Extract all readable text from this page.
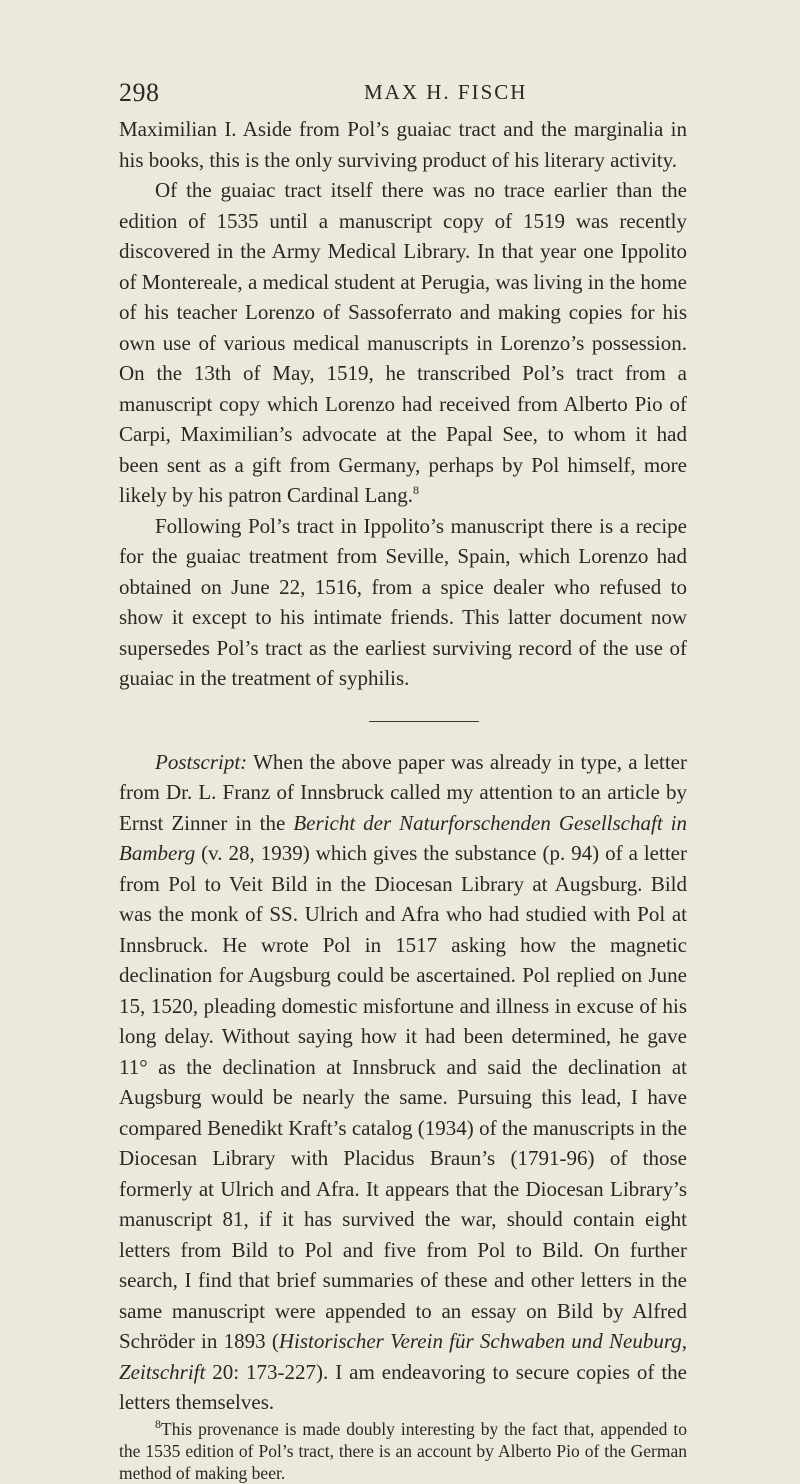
298	MAX H. FISCH

Maximilian I. Aside from Pol’s guaiac tract and the marginalia in his books, this is the only surviving product of his literary activity.

Of the guaiac tract itself there was no trace earlier than the edition of 1535 until a manuscript copy of 1519 was recently discovered in the Army Medical Library. In that year one Ippolito of Montereale, a medical student at Perugia, was living in the home of his teacher Lorenzo of Sassoferrato and making copies for his own use of various medical manuscripts in Lorenzo’s possession. On the 13th of May, 1519, he transcribed Pol’s tract from a manuscript copy which Lorenzo had received from Alberto Pio of Carpi, Maximilian’s advocate at the Papal See, to whom it had been sent as a gift from Germany, perhaps by Pol himself, more likely by his patron Cardinal Lang.$^8$

Following Pol’s tract in Ippolito’s manuscript there is a recipe for the guaiac treatment from Seville, Spain, which Lorenzo had obtained on June 22, 1516, from a spice dealer who refused to show it except to his intimate friends. This latter document now supersedes Pol’s tract as the earliest surviving record of the use of guaiac in the treatment of syphilis.

Postscript: When the above paper was already in type, a letter from Dr. L. Franz of Innsbruck called my attention to an article by Ernst Zinner in the Bericht der Naturforschenden Gesellschaft in Bamberg (v. 28, 1939) which gives the substance (p. 94) of a letter from Pol to Veit Bild in the Diocesan Library at Augsburg. Bild was the monk of SS. Ulrich and Afra who had studied with Pol at Innsbruck. He wrote Pol in 1517 asking how the magnetic declination for Augsburg could be ascertained. Pol replied on June 15, 1520, pleading domestic misfortune and illness in excuse of his long delay. Without saying how it had been determined, he gave 11° as the declination at Innsbruck and said the declination at Augsburg would be nearly the same. Pursuing this lead, I have compared Benedikt Kraft’s catalog (1934) of the manuscripts in the Diocesan Library with Placidus Braun’s (1791-96) of those formerly at Ulrich and Afra. It appears that the Diocesan Library’s manuscript 81, if it has survived the war, should contain eight letters from Bild to Pol and five from Pol to Bild. On further search, I find that brief summaries of these and other letters in the same manuscript were appended to an essay on Bild by Alfred Schröder in 1893 (Historischer Verein für Schwaben und Neuburg, Zeitschrift 20: 173-227). I am endeavoring to secure copies of the letters themselves.

$^8$This provenance is made doubly interesting by the fact that, appended to the 1535 edition of Pol’s tract, there is an account by Alberto Pio of the German method of making beer.
